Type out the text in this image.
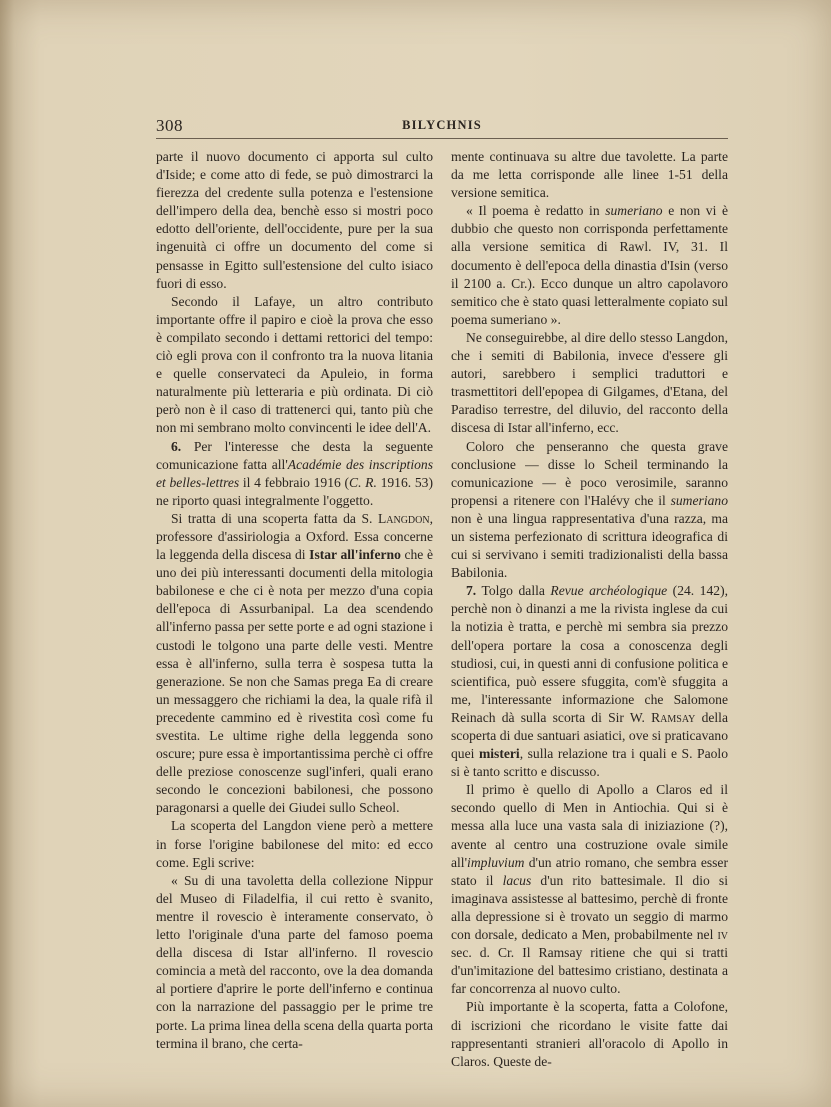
308	BILYCHNIS

parte il nuovo documento ci apporta sul culto d'Iside; e come atto di fede, se può dimostrarci la fierezza del credente sulla potenza e l'estensione dell'impero della dea, benchè esso si mostri poco edotto dell'oriente, dell'occidente, pure per la sua ingenuità ci offre un documento del come si pensasse in Egitto sull'estensione del culto isiaco fuori di esso.

Secondo il Lafaye, un altro contributo importante offre il papiro e cioè la prova che esso è compilato secondo i dettami rettorici del tempo: ciò egli prova con il confronto tra la nuova litania e quelle conservateci da Apuleio, in forma naturalmente più letteraria e più ordinata. Di ciò però non è il caso di trattenerci qui, tanto più che non mi sembrano molto convincenti le idee dell'A.

6. Per l'interesse che desta la seguente comunicazione fatta all'Académie des inscriptions et belles-lettres il 4 febbraio 1916 (C. R. 1916. 53) ne riporto quasi integralmente l'oggetto.

Si tratta di una scoperta fatta da S. Langdon, professore d'assiriologia a Oxford. Essa concerne la leggenda della discesa di Istar all'inferno che è uno dei più interessanti documenti della mitologia babilonese e che ci è nota per mezzo d'una copia dell'epoca di Assurbanipal. La dea scendendo all'inferno passa per sette porte e ad ogni stazione i custodi le tolgono una parte delle vesti. Mentre essa è all'inferno, sulla terra è sospesa tutta la generazione. Se non che Samas prega Ea di creare un messaggero che richiami la dea, la quale rifà il precedente cammino ed è rivestita così come fu svestita. Le ultime righe della leggenda sono oscure; pure essa è importantissima perchè ci offre delle preziose conoscenze sugl'inferi, quali erano secondo le concezioni babilonesi, che possono paragonarsi a quelle dei Giudei sullo Scheol.

La scoperta del Langdon viene però a mettere in forse l'origine babilonese del mito: ed ecco come. Egli scrive:

« Su di una tavoletta della collezione Nippur del Museo di Filadelfia, il cui retto è svanito, mentre il rovescio è interamente conservato, ò letto l'originale d'una parte del famoso poema della discesa di Istar all'inferno. Il rovescio comincia a metà del racconto, ove la dea domanda al portiere d'aprire le porte dell'inferno e continua con la narrazione del passaggio per le prime tre porte. La prima linea della scena della quarta porta termina il brano, che certa-

mente continuava su altre due tavolette. La parte da me letta corrisponde alle linee 1-51 della versione semitica.

« Il poema è redatto in sumeriano e non vi è dubbio che questo non corrisponda perfettamente alla versione semitica di Rawl. IV, 31. Il documento è dell'epoca della dinastia d'Isin (verso il 2100 a. Cr.). Ecco dunque un altro capolavoro semitico che è stato quasi letteralmente copiato sul poema sumeriano ».

Ne conseguirebbe, al dire dello stesso Langdon, che i semiti di Babilonia, invece d'essere gli autori, sarebbero i semplici traduttori e trasmettitori dell'epopea di Gilgames, d'Etana, del Paradiso terrestre, del diluvio, del racconto della discesa di Istar all'inferno, ecc.

Coloro che penseranno che questa grave conclusione — disse lo Scheil terminando la comunicazione — è poco verosimile, saranno propensi a ritenere con l'Halévy che il sumeriano non è una lingua rappresentativa d'una razza, ma un sistema perfezionato di scrittura ideografica di cui si servivano i semiti tradizionalisti della bassa Babilonia.

7. Tolgo dalla Revue archéologique (24. 142), perchè non ò dinanzi a me la rivista inglese da cui la notizia è tratta, e perchè mi sembra sia prezzo dell'opera portare la cosa a conoscenza degli studiosi, cui, in questi anni di confusione politica e scientifica, può essere sfuggita, com'è sfuggita a me, l'interessante informazione che Salomone Reinach dà sulla scorta di Sir W. Ramsay della scoperta di due santuari asiatici, ove si praticavano quei misteri, sulla relazione tra i quali e S. Paolo si è tanto scritto e discusso.

Il primo è quello di Apollo a Claros ed il secondo quello di Men in Antiochia. Qui si è messa alla luce una vasta sala di iniziazione (?), avente al centro una costruzione ovale simile all'impluvium d'un atrio romano, che sembra esser stato il lacus d'un rito battesimale. Il dio si imaginava assistesse al battesimo, perchè di fronte alla depressione si è trovato un seggio di marmo con dorsale, dedicato a Men, probabilmente nel iv sec. d. Cr. Il Ramsay ritiene che qui si tratti d'un'imitazione del battesimo cristiano, destinata a far concorrenza al nuovo culto.

Più importante è la scoperta, fatta a Colofone, di iscrizioni che ricordano le visite fatte dai rappresentanti stranieri all'oracolo di Apollo in Claros. Queste de-
